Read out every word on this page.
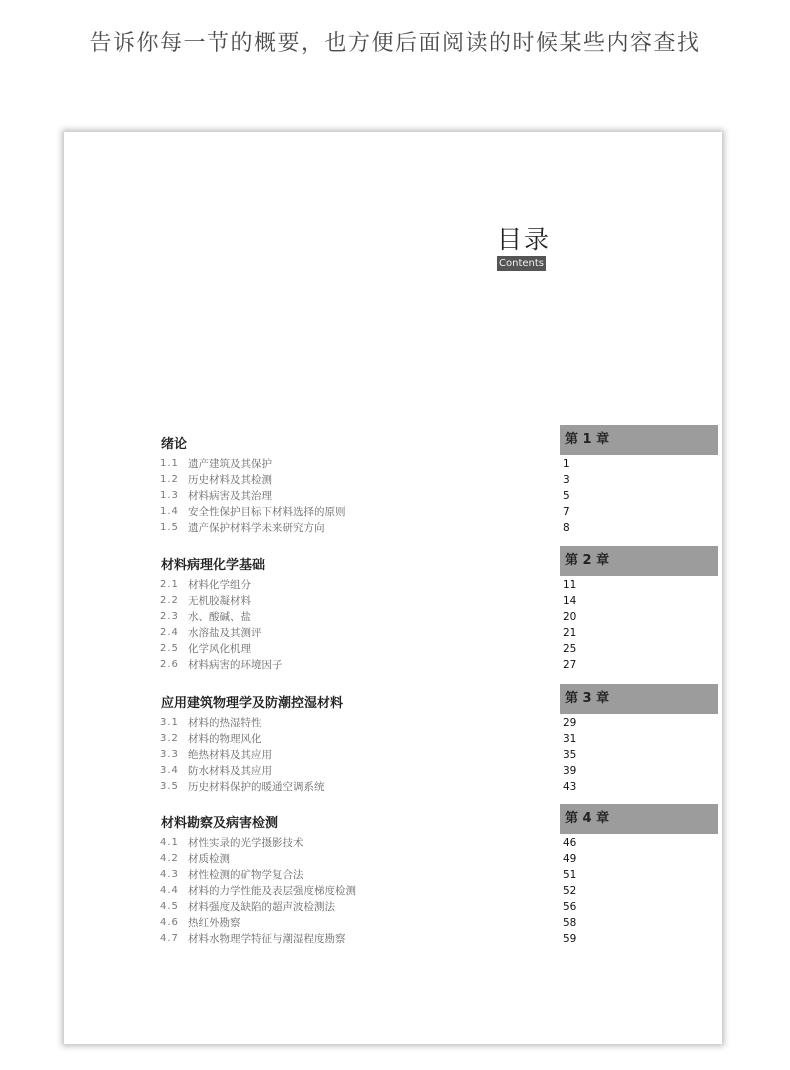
告诉你每一节的概要，也方便后面阅读的时候某些内容查找
目录
Contents
绪论	第 1 章
1.1 遗产建筑及其保护	1
1.2 历史材料及其检测	3
1.3 材料病害及其治理	5
1.4 安全性保护目标下材料选择的原则	7
1.5 遗产保护材料学未来研究方向	8
材料病理化学基础	第 2 章
2.1 材料化学组分	11
2.2 无机胶凝材料	14
2.3 水、酸碱、盐	20
2.4 水溶盐及其测评	21
2.5 化学风化机理	25
2.6 材料病害的环境因子	27
应用建筑物理学及防潮控湿材料	第 3 章
3.1 材料的热湿特性	29
3.2 材料的物理风化	31
3.3 绝热材料及其应用	35
3.4 防水材料及其应用	39
3.5 历史材料保护的暖通空调系统	43
材料勘察及病害检测	第 4 章
4.1 材性实录的光学摄影技术	46
4.2 材质检测	49
4.3 材性检测的矿物学复合法	51
4.4 材料的力学性能及表层强度梯度检测	52
4.5 材料强度及缺陷的超声波检测法	56
4.6 热红外勘察	58
4.7 材料水物理学特征与潮湿程度勘察	59
